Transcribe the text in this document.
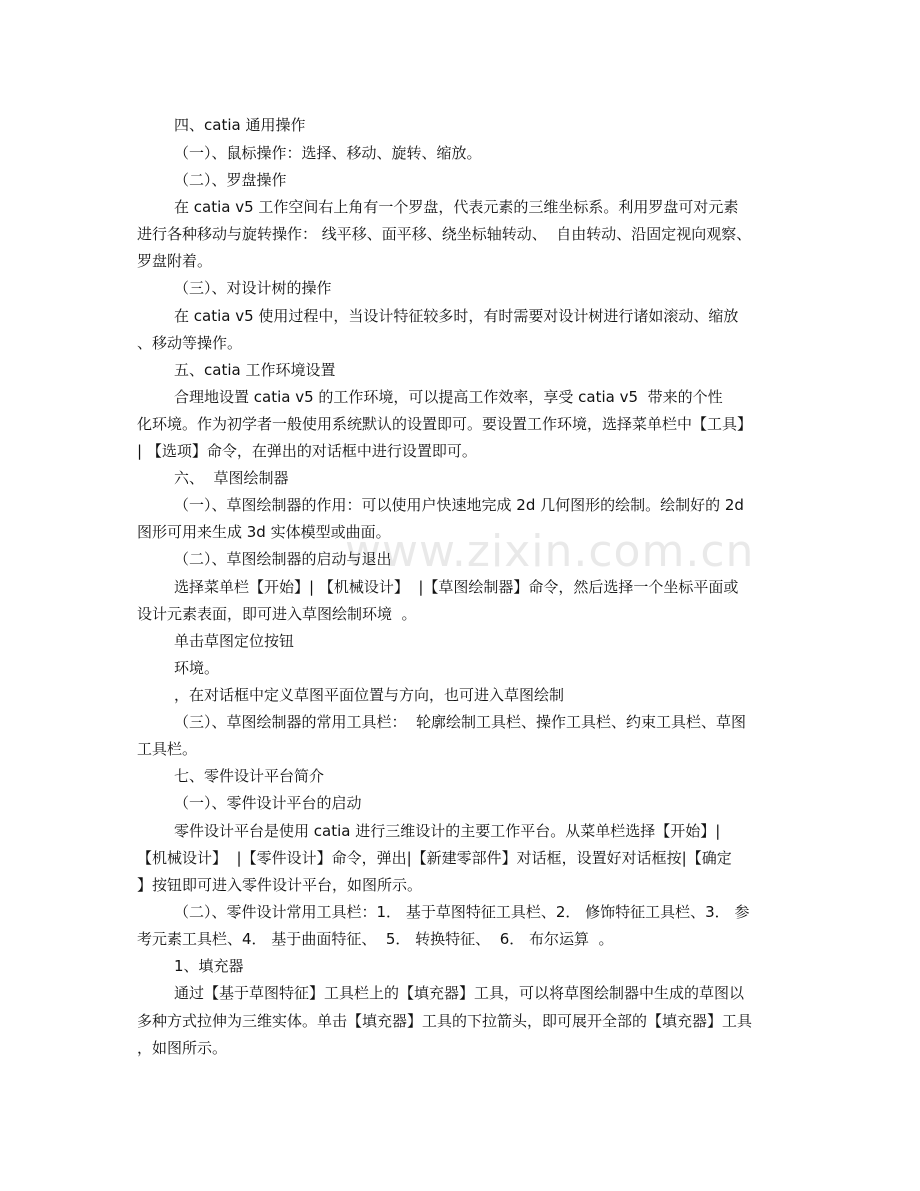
www.zixin.com.cn
四、catia 通用操作
（一）、鼠标操作：选择、移动、旋转、缩放。
（二）、罗盘操作
在 catia v5 工作空间右上角有一个罗盘，代表元素的三维坐标系。利用罗盘可对元素
进行各种移动与旋转操作： 线平移、面平移、绕坐标轴转动、  自由转动、沿固定视向观察、
罗盘附着。
（三）、对设计树的操作
在 catia v5 使用过程中，当设计特征较多时，有时需要对设计树进行诸如滚动、缩放
、移动等操作。
五、catia 工作环境设置
合理地设置 catia v5 的工作环境，可以提高工作效率，享受 catia v5  带来的个性
化环境。作为初学者一般使用系统默认的设置即可。要设置工作环境，选择菜单栏中【工具】
| 【选项】命令，在弹出的对话框中进行设置即可。
六、  草图绘制器
（一）、草图绘制器的作用：可以使用户快速地完成 2d 几何图形的绘制。绘制好的 2d
图形可用来生成 3d 实体模型或曲面。
（二）、草图绘制器的启动与退出
选择菜单栏【开始】| 【机械设计】  |【草图绘制器】命令，然后选择一个坐标平面或
设计元素表面，即可进入草图绘制环境  。
单击草图定位按钮
环境。
，在对话框中定义草图平面位置与方向，也可进入草图绘制
（三）、草图绘制器的常用工具栏：  轮廓绘制工具栏、操作工具栏、约束工具栏、草图
工具栏。
七、零件设计平台简介
（一）、零件设计平台的启动
零件设计平台是使用 catia 进行三维设计的主要工作平台。从菜单栏选择【开始】|
【机械设计】  |【零件设计】命令，弹出|【新建零部件】对话框，设置好对话框按|【确定
】按钮即可进入零件设计平台，如图所示。
（二）、零件设计常用工具栏：1． 基于草图特征工具栏、2． 修饰特征工具栏、3． 参
考元素工具栏、4． 基于曲面特征、  5． 转换特征、  6． 布尔运算  。
1、填充器
通过【基于草图特征】工具栏上的【填充器】工具，可以将草图绘制器中生成的草图以
多种方式拉伸为三维实体。单击【填充器】工具的下拉箭头，即可展开全部的【填充器】工具
，如图所示。
